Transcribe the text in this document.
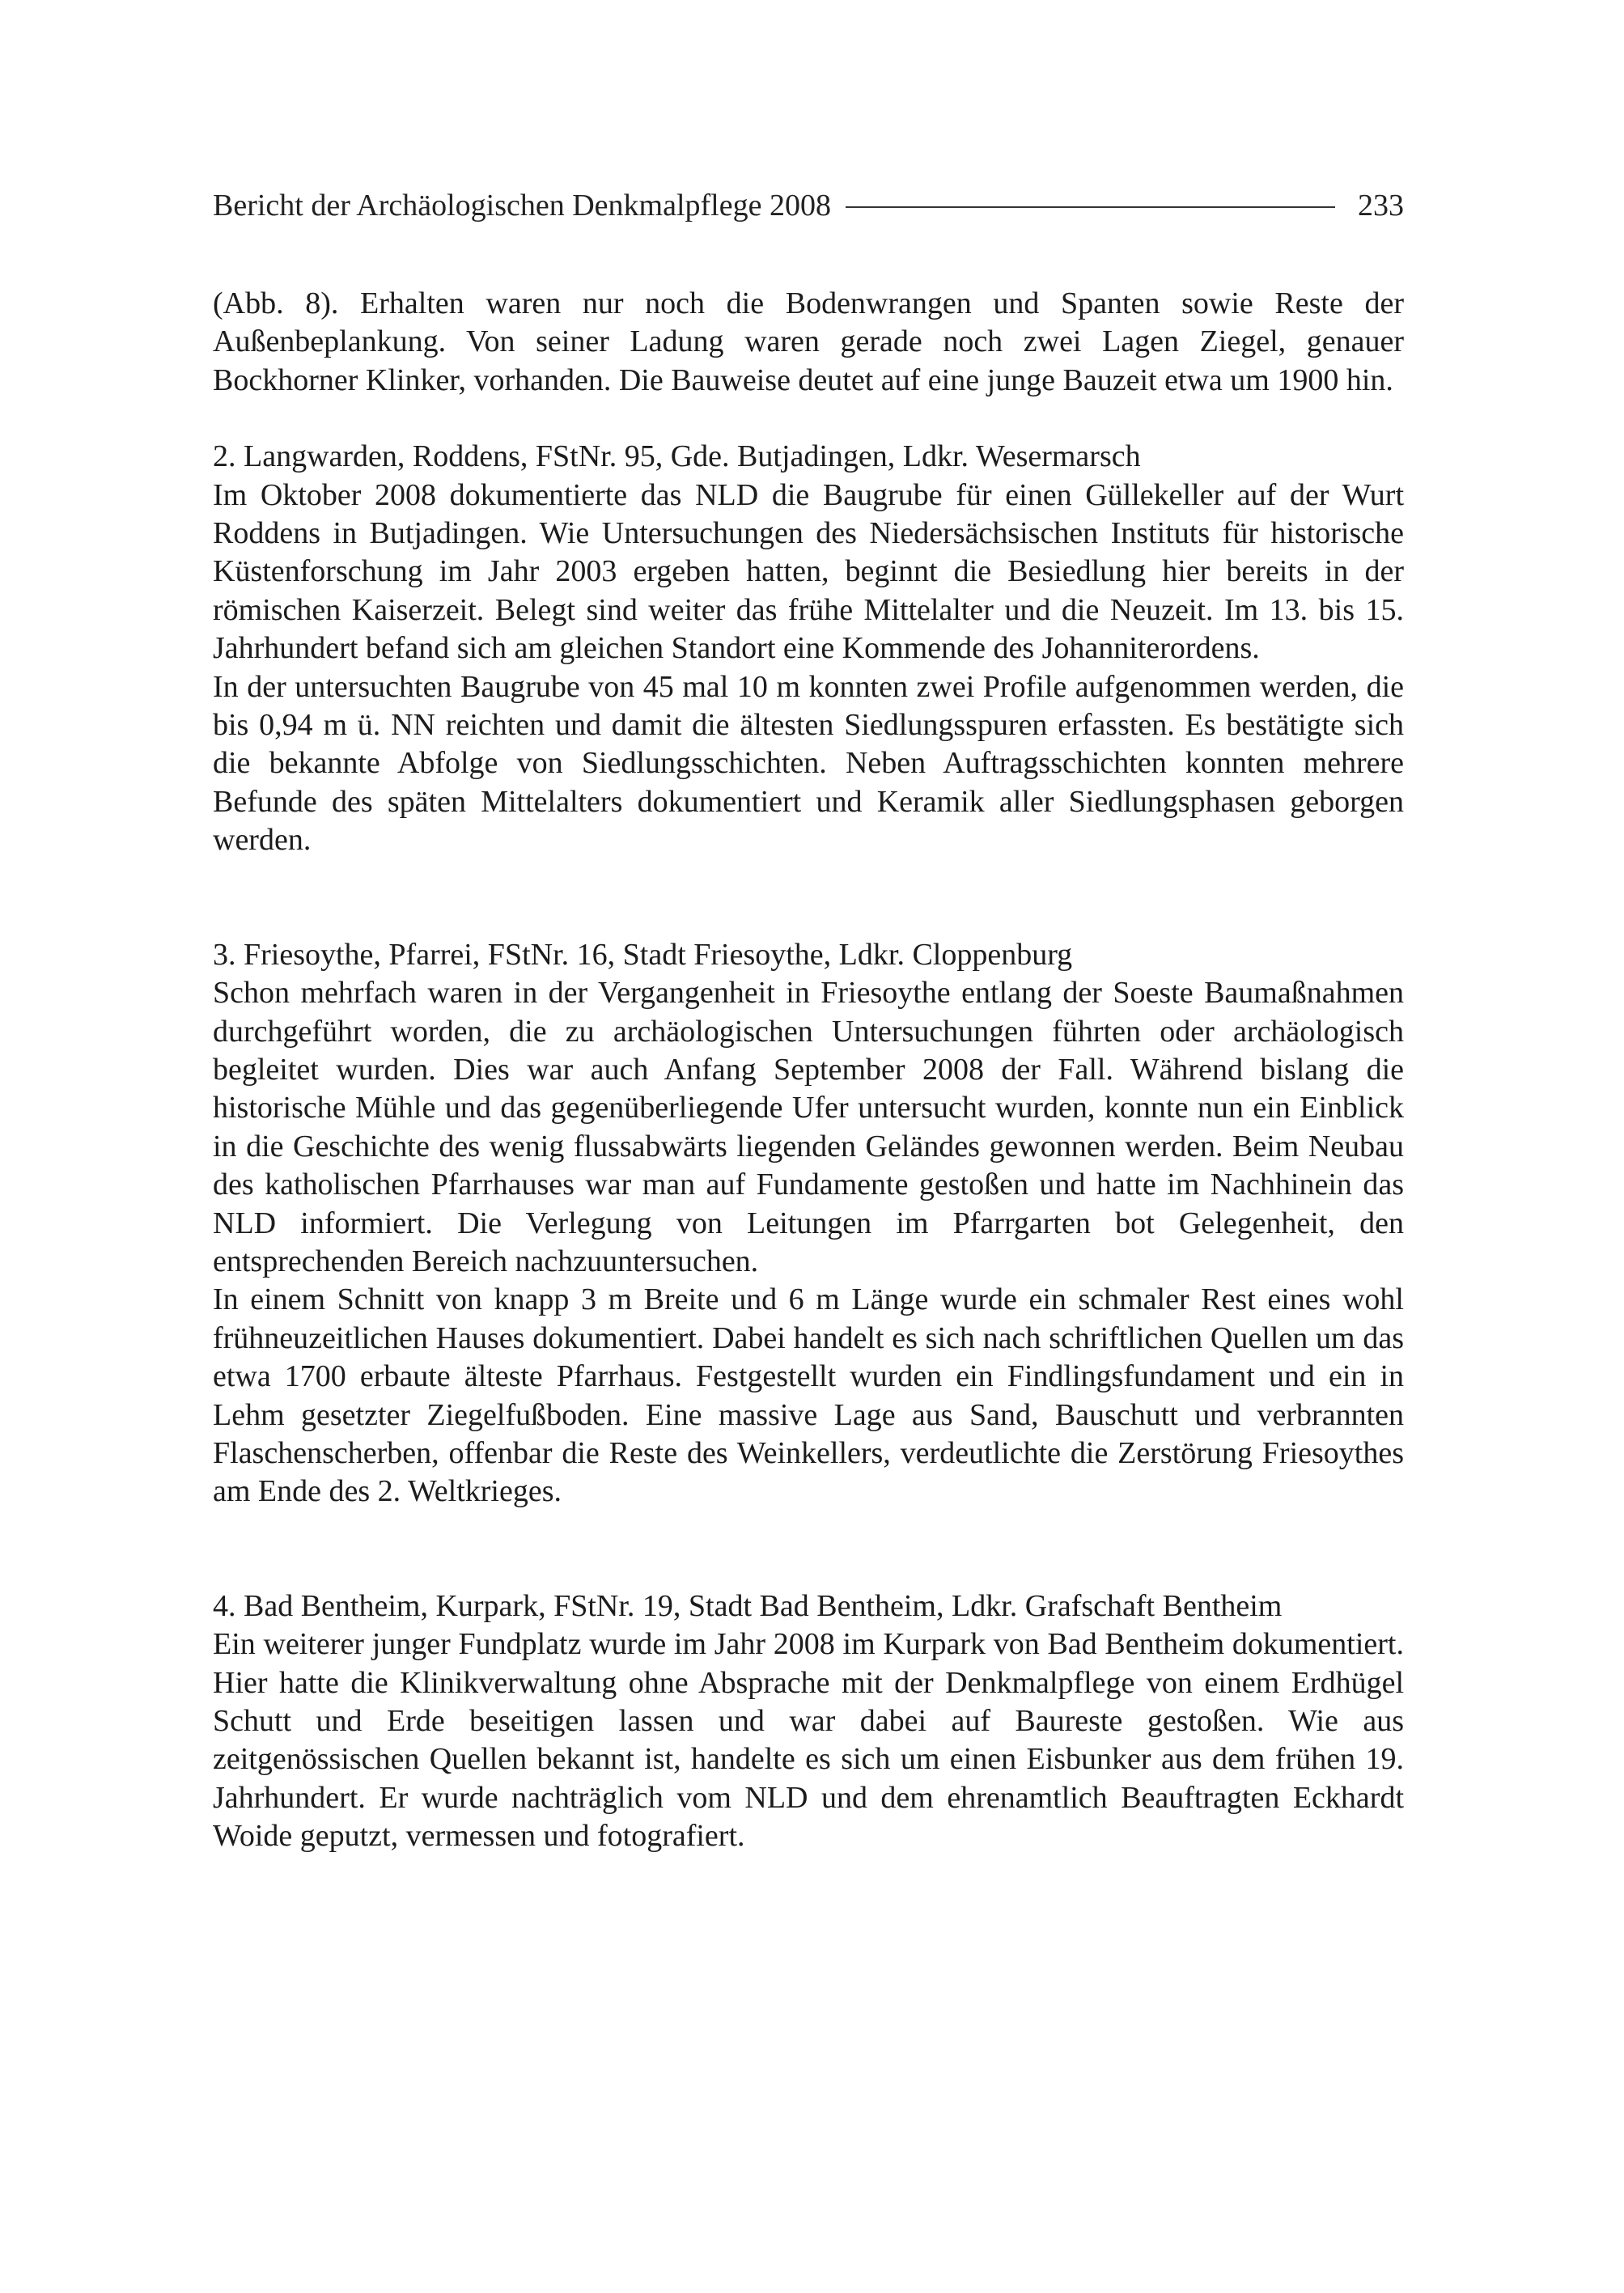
Bericht der Archäologischen Denkmalpflege 2008	233

(Abb. 8). Erhalten waren nur noch die Bodenwrangen und Spanten sowie Reste der Außenbeplankung. Von seiner Ladung waren gerade noch zwei Lagen Ziegel, genauer Bockhorner Klinker, vorhanden. Die Bauweise deutet auf eine junge Bauzeit etwa um 1900 hin.

2. Langwarden, Roddens, FStNr. 95, Gde. Butjadingen, Ldkr. Wesermarsch

Im Oktober 2008 dokumentierte das NLD die Baugrube für einen Güllekeller auf der Wurt Roddens in Butjadingen. Wie Untersuchungen des Niedersächsischen Instituts für historische Küstenforschung im Jahr 2003 ergeben hatten, beginnt die Besiedlung hier bereits in der römischen Kaiserzeit. Belegt sind weiter das frühe Mittelalter und die Neuzeit. Im 13. bis 15. Jahrhundert befand sich am gleichen Standort eine Kommende des Johanniterordens.

In der untersuchten Baugrube von 45 mal 10 m konnten zwei Profile aufgenommen werden, die bis 0,94 m ü. NN reichten und damit die ältesten Siedlungsspuren erfassten. Es bestätigte sich die bekannte Abfolge von Siedlungsschichten. Neben Auftragsschichten konnten mehrere Befunde des späten Mittelalters dokumentiert und Keramik aller Siedlungsphasen geborgen werden.

3. Friesoythe, Pfarrei, FStNr. 16, Stadt Friesoythe, Ldkr. Cloppenburg

Schon mehrfach waren in der Vergangenheit in Friesoythe entlang der Soeste Baumaßnahmen durchgeführt worden, die zu archäologischen Untersuchungen führten oder archäologisch begleitet wurden. Dies war auch Anfang September 2008 der Fall. Während bislang die historische Mühle und das gegenüberliegende Ufer untersucht wurden, konnte nun ein Einblick in die Geschichte des wenig flussabwärts liegenden Geländes gewonnen werden. Beim Neubau des katholischen Pfarrhauses war man auf Fundamente gestoßen und hatte im Nachhinein das NLD informiert. Die Verlegung von Leitungen im Pfarrgarten bot Gelegenheit, den entsprechenden Bereich nachzuuntersuchen.

In einem Schnitt von knapp 3 m Breite und 6 m Länge wurde ein schmaler Rest eines wohl frühneuzeitlichen Hauses dokumentiert. Dabei handelt es sich nach schriftlichen Quellen um das etwa 1700 erbaute älteste Pfarrhaus. Festgestellt wurden ein Findlingsfundament und ein in Lehm gesetzter Ziegelfußboden. Eine massive Lage aus Sand, Bauschutt und verbrannten Flaschenscherben, offenbar die Reste des Weinkellers, verdeutlichte die Zerstörung Friesoythes am Ende des 2. Weltkrieges.

4. Bad Bentheim, Kurpark, FStNr. 19, Stadt Bad Bentheim, Ldkr. Grafschaft Bentheim

Ein weiterer junger Fundplatz wurde im Jahr 2008 im Kurpark von Bad Bentheim dokumentiert. Hier hatte die Klinikverwaltung ohne Absprache mit der Denkmalpflege von einem Erdhügel Schutt und Erde beseitigen lassen und war dabei auf Baureste gestoßen. Wie aus zeitgenössischen Quellen bekannt ist, handelte es sich um einen Eisbunker aus dem frühen 19. Jahrhundert. Er wurde nachträglich vom NLD und dem ehrenamtlich Beauftragten Eckhardt Woide geputzt, vermessen und fotografiert.
